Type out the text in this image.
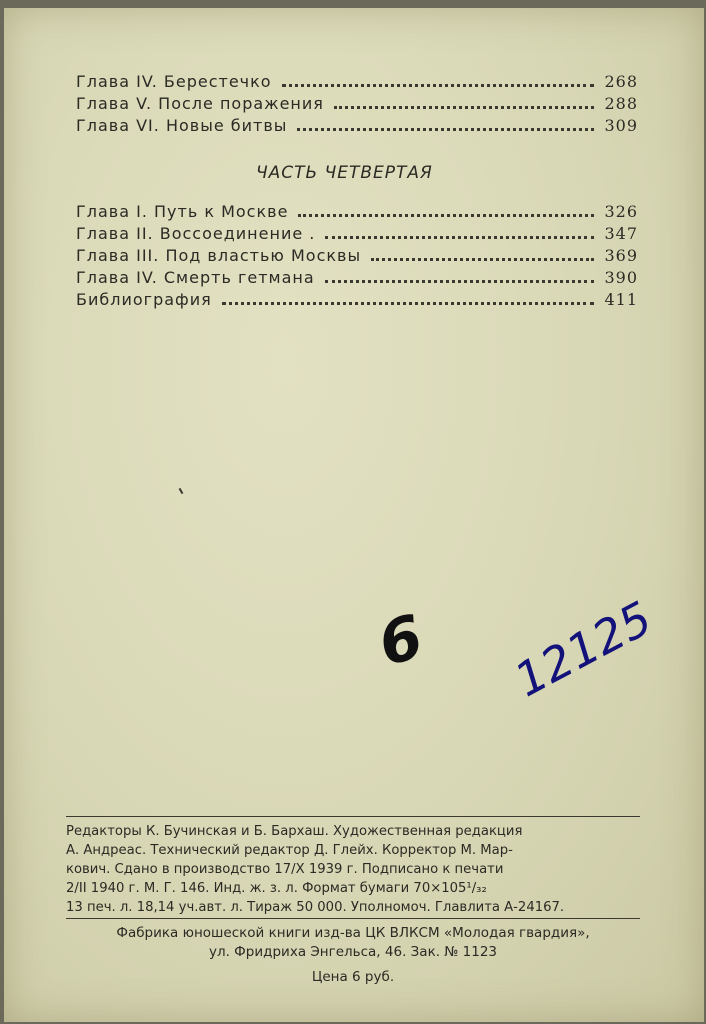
Глава IV. Берестечко	268
Глава V. После поражения	288
Глава VI. Новые битвы	309
ЧАСТЬ ЧЕТВЕРТАЯ
Глава I. Путь к Москве	326
Глава II. Воссоединение .	347
Глава III. Под властью Москвы	369
Глава IV. Смерть гетмана	390
Библиография	411
6 12125
Редакторы К. Бучинская и Б. Бархаш. Художественная редакция
А. Андреас. Технический редактор Д. Глейх. Корректор М. Мар-
кович. Сдано в производство 17/X 1939 г. Подписано к печати
2/II 1940 г. М. Г. 146. Инд. ж. з. л. Формат бумаги 70×105¹/₃₂
13 печ. л. 18,14 уч.авт. л. Тираж 50 000. Уполномоч. Главлита А-24167.
Фабрика юношеской книги изд-ва ЦК ВЛКСМ «Молодая гвардия»,
ул. Фридриха Энгельса, 46. Зак. № 1123
Цена 6 руб.
